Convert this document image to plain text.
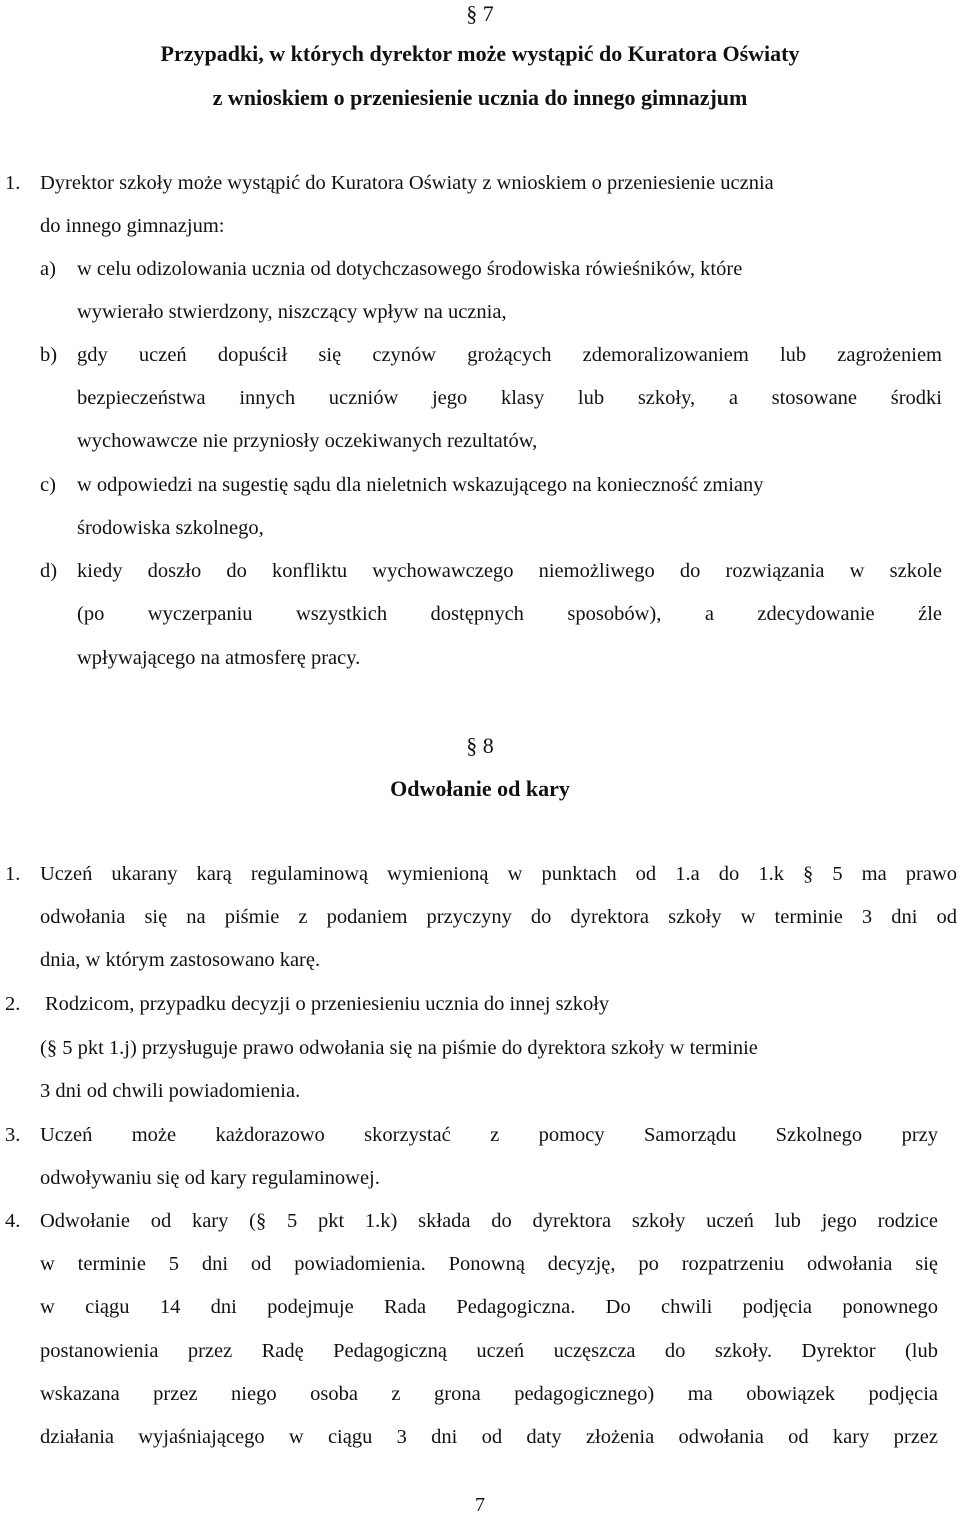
§ 7
Przypadki, w których dyrektor może wystąpić do Kuratora Oświaty
z wnioskiem o przeniesienie ucznia do innego gimnazjum
1. Dyrektor szkoły może wystąpić do Kuratora Oświaty z wnioskiem o przeniesienie ucznia
do innego gimnazjum:
a) w celu odizolowania ucznia od dotychczasowego środowiska rówieśników, które
wywierało stwierdzony, niszczący wpływ na ucznia,
b) gdy uczeń dopuścił się czynów grożących zdemoralizowaniem lub zagrożeniem
bezpieczeństwa innych uczniów jego klasy lub szkoły, a stosowane środki
wychowawcze nie przyniosły oczekiwanych rezultatów,
c) w odpowiedzi na sugestię sądu dla nieletnich wskazującego na konieczność zmiany
środowiska szkolnego,
d) kiedy doszło do konfliktu wychowawczego niemożliwego do rozwiązania w szkole
(po wyczerpaniu wszystkich dostępnych sposobów), a zdecydowanie źle
wpływającego na atmosferę pracy.
§ 8
Odwołanie od kary
1. Uczeń ukarany karą regulaminową wymienioną w punktach od 1.a do 1.k § 5 ma prawo
odwołania się na piśmie z podaniem przyczyny do dyrektora szkoły w terminie 3 dni od
dnia, w którym zastosowano karę.
2. Rodzicom, przypadku decyzji o przeniesieniu ucznia do innej szkoły
(§ 5 pkt 1.j) przysługuje prawo odwołania się na piśmie do dyrektora szkoły w terminie
3 dni od chwili powiadomienia.
3. Uczeń może każdorazowo skorzystać z pomocy Samorządu Szkolnego przy
odwoływaniu się od kary regulaminowej.
4. Odwołanie od kary (§ 5 pkt 1.k) składa do dyrektora szkoły uczeń lub jego rodzice
w terminie 5 dni od powiadomienia. Ponowną decyzję, po rozpatrzeniu odwołania się
w ciągu 14 dni podejmuje Rada Pedagogiczna. Do chwili podjęcia ponownego
postanowienia przez Radę Pedagogiczną uczeń uczęszcza do szkoły. Dyrektor (lub
wskazana przez niego osoba z grona pedagogicznego) ma obowiązek podjęcia
działania wyjaśniającego w ciągu 3 dni od daty złożenia odwołania od kary przez
7
